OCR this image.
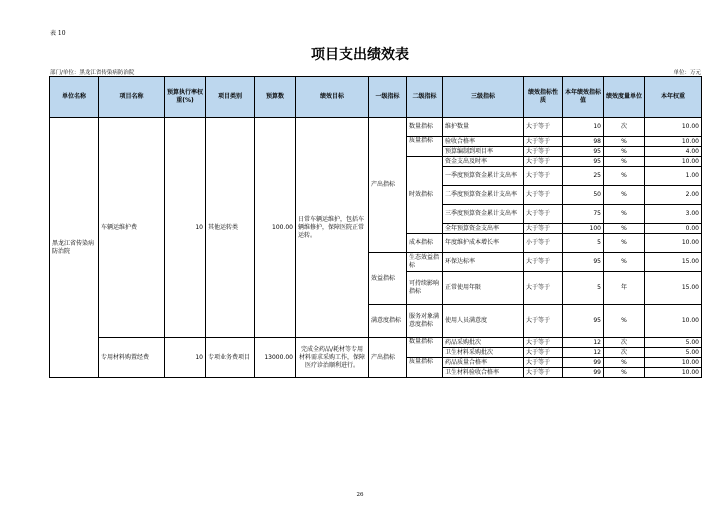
表 10
项目支出绩效表
部门/单位：黑龙江省传染病防治院	单位：万元
单位名称	项目名称	预算执行率权重(%)	项目类别	预算数	绩效目标	一级指标	二级指标	三级指标	绩效指标性质	本年绩效指标值	绩效度量单位	本年权重
黑龙江省传染病防治院	车辆运维护费	10	其他运转类	100.00	日常车辆运维护，包括车辆维修护，保障医院正常运转。	产出指标	数量指标	维护数量	大于等于	10	次	10.00
							质量指标	验收合格率	大于等于	98	%	10.00
								预算编制到项目率	大于等于	95	%	4.00
							时效指标	资金支出及时率	大于等于	95	%	10.00
								一季度预算资金累计支出率	大于等于	25	%	1.00
								二季度预算资金累计支出率	大于等于	50	%	2.00
								三季度预算资金累计支出率	大于等于	75	%	3.00
								全年预算资金支出率	大于等于	100	%	0.00
							成本指标	年度维护成本增长率	小于等于	5	%	10.00
						效益指标	生态效益指标	环保达标率	大于等于	95	%	15.00
							可持续影响指标	正常使用年限	大于等于	5	年	15.00
						满意度指标	服务对象满意度指标	使用人员满意度	大于等于	95	%	10.00
	专用材料购置经费	10	专项业务费项目	13000.00	完成全药品/耗材等专用材料需求采购工作，保障医疗诊治顺利进行。	产出指标	数量指标	药品采购批次	大于等于	12	次	5.00
								卫生材料采购批次	大于等于	12	次	5.00
							质量指标	药品质量合格率	大于等于	99	%	10.00
								卫生材料验收合格率	大于等于	99	%	10.00
26
